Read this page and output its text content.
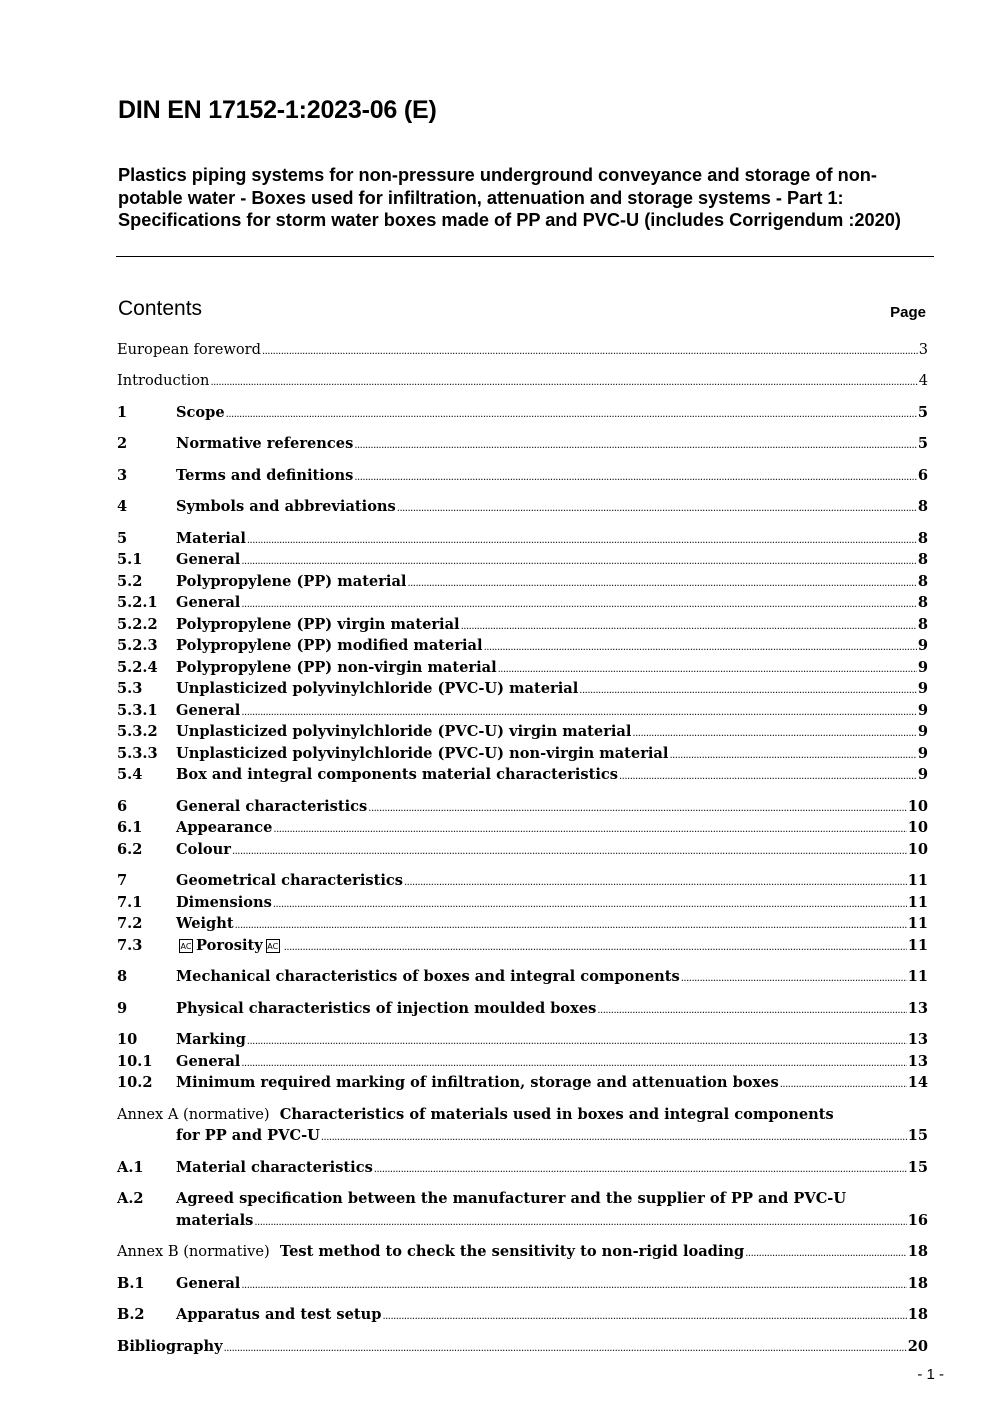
DIN EN 17152-1:2023-06 (E)
Plastics piping systems for non-pressure underground conveyance and storage of non-potable water - Boxes used for infiltration, attenuation and storage systems - Part 1: Specifications for storm water boxes made of PP and PVC-U (includes Corrigendum :2020)
Contents	Page
European foreword .....	3
Introduction .....	4
1	Scope .....	5
2	Normative references .....	5
3	Terms and definitions .....	6
4	Symbols and abbreviations .....	8
5	Material .....	8
5.1	General .....	8
5.2	Polypropylene (PP) material .....	8
5.2.1	General .....	8
5.2.2	Polypropylene (PP) virgin material .....	8
5.2.3	Polypropylene (PP) modified material .....	9
5.2.4	Polypropylene (PP) non-virgin material .....	9
5.3	Unplasticized polyvinylchloride (PVC-U) material .....	9
5.3.1	General .....	9
5.3.2	Unplasticized polyvinylchloride (PVC-U) virgin material .....	9
5.3.3	Unplasticized polyvinylchloride (PVC-U) non-virgin material .....	9
5.4	Box and integral components material characteristics .....	9
6	General characteristics .....	10
6.1	Appearance .....	10
6.2	Colour .....	10
7	Geometrical characteristics .....	11
7.1	Dimensions .....	11
7.2	Weight .....	11
7.3	AC Porosity AC .....	11
8	Mechanical characteristics of boxes and integral components .....	11
9	Physical characteristics of injection moulded boxes .....	13
10	Marking .....	13
10.1	General .....	13
10.2	Minimum required marking of infiltration, storage and attenuation boxes .....	14
Annex A (normative) Characteristics of materials used in boxes and integral components
for PP and PVC-U .....	15
A.1	Material characteristics .....	15
A.2	Agreed specification between the manufacturer and the supplier of PP and PVC-U
materials .....	16
Annex B (normative) Test method to check the sensitivity to non-rigid loading .....	18
B.1	General .....	18
B.2	Apparatus and test setup .....	18
Bibliography .....	20
- 1 -
